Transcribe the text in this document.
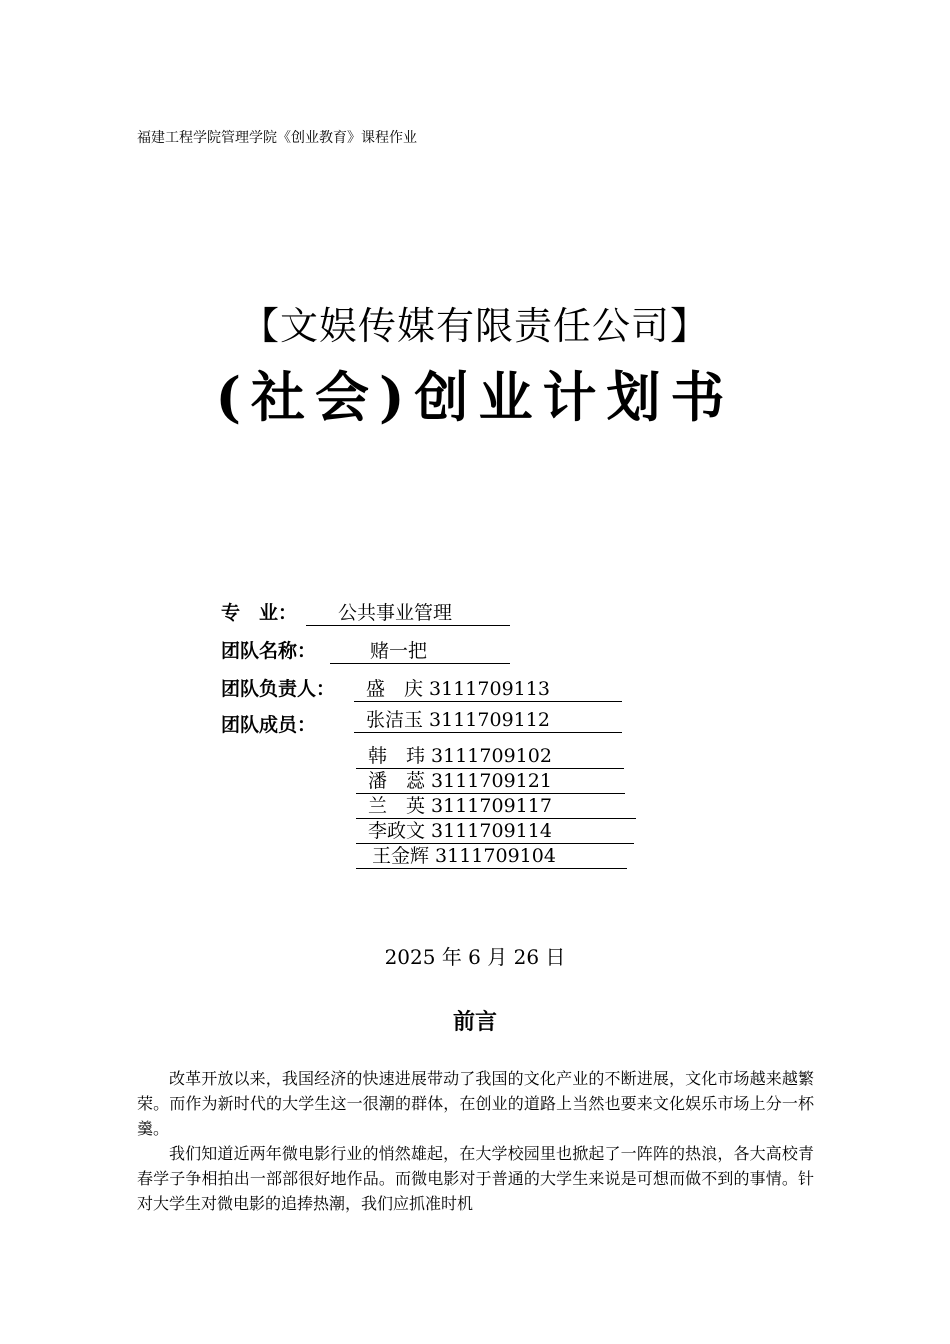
福建工程学院管理学院《创业教育》课程作业
【文娱传媒有限责任公司】
(社会)创业计划书
专　业：	公共事业管理
团队名称：	赌一把
团队负责人：	盛　庆 3111709113
团队成员：	张洁玉 3111709112
韩　玮 3111709102
潘　蕊 3111709121
兰　英 3111709117
李政文 3111709114
王金辉 3111709104
2025 年 6 月 26 日
前言

改革开放以来，我国经济的快速进展带动了我国的文化产业的不断进展，文化市场越来越繁荣。而作为新时代的大学生这一很潮的群体，在创业的道路上当然也要来文化娱乐市场上分一杯羹。

我们知道近两年微电影行业的悄然雄起，在大学校园里也掀起了一阵阵的热浪，各大高校青春学子争相拍出一部部很好地作品。而微电影对于普通的大学生来说是可想而做不到的事情。针对大学生对微电影的追捧热潮，我们应抓准时机
